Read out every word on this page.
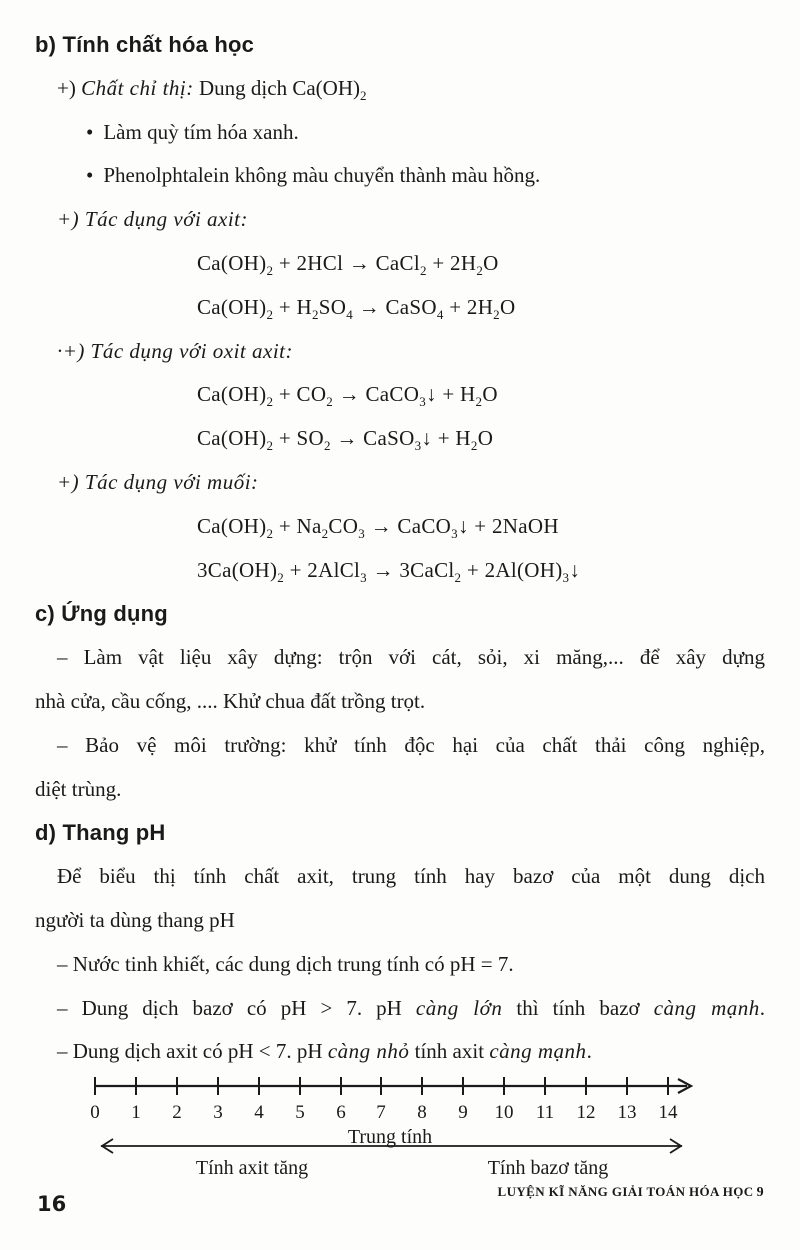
b) Tính chất hóa học
+) Chất chỉ thị: Dung dịch $Ca(OH)_2$
• Làm quỳ tím hóa xanh.
• Phenolphtalein không màu chuyển thành màu hồng.
+) Tác dụng với axit:
$Ca(OH)_2 + 2HCl$ → CaCl$_2$ + $2H_2O$
$Ca(OH)_2 + H_2SO_4$ → CaSO$_4$ + $2H_2O$
·+) Tác dụng với oxit axit:
$Ca(OH)_2 + CO_2$ → CaCO$_3$↓ + $H_2O$
$Ca(OH)_2 + SO_2$ → CaSO$_3$↓ + $H_2O$
+) Tác dụng với muối:
$Ca(OH)_2 + Na_2CO_3$ → CaCO$_3$↓ + 2NaOH
$3Ca(OH)_2$ + 2AlCl$_3$ → 3CaCl$_2$ + $2Al(OH)_3↓$
c) Ứng dụng
– Làm vật liệu xây dựng: trộn với cát, sỏi, xi măng,... để xây dựng
nhà cửa, cầu cống, .... Khử chua đất trồng trọt.
– Bảo vệ môi trường: khử tính độc hại của chất thải công nghiệp,
diệt trùng.
d) Thang pH
Để biểu thị tính chất axit, trung tính hay bazơ của một dung dịch
người ta dùng thang pH
– Nước tinh khiết, các dung dịch trung tính có pH = 7.
– Dung dịch bazơ có pH > 7. pH càng lớn thì tính bazơ càng mạnh.
– Dung dịch axit có pH < 7. pH càng nhỏ tính axit càng mạnh.
0 1 2 3 4 5 6 7 8 9 10 11 12 13 14
Trung tính
Tính axit tăng	Tính bazơ tăng
16
LUYỆN KĨ NĂNG GIẢI TOÁN HÓA HỌC 9
